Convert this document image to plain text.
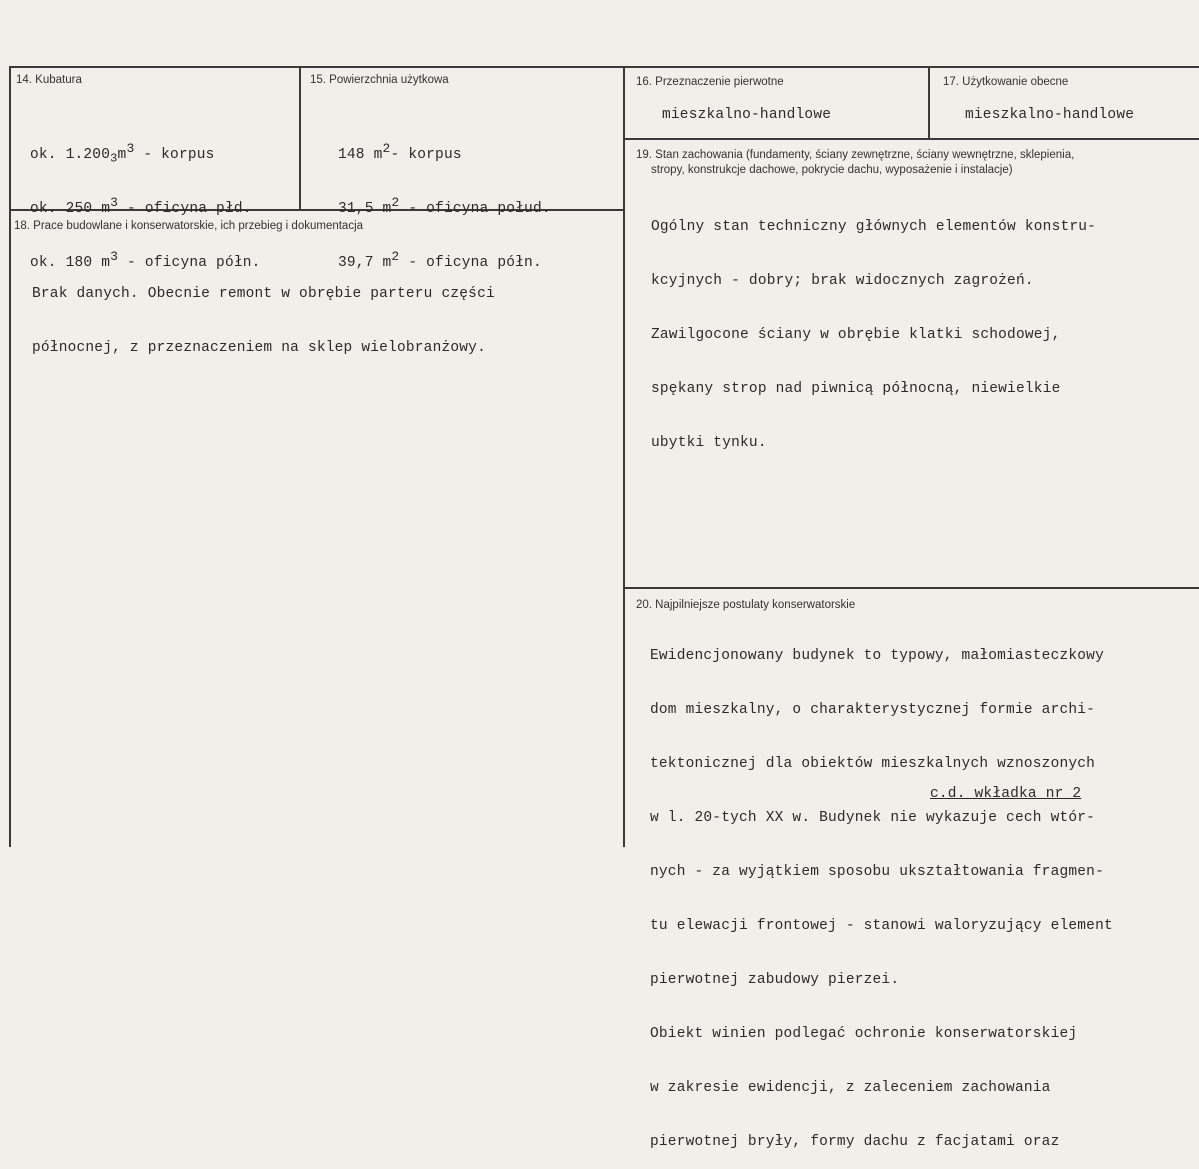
14. Kubatura

ok. $1.200_3m^3$ - korpus

ok. 250 $m^3$ - oficyna płd.

ok. 180 $m^3$ - oficyna półn.

15. Powierzchnia użytkowa

148 $m^2-$ korpus

31,5 $m^2$ - oficyna połud.

39,7 $m^2$ - oficyna półn.

16. Przeznaczenie pierwotne
mieszkalno-handlowe
17. Użytkowanie obecne
mieszkalno-handlowe
18. Prace budowlane i konserwatorskie, ich przebieg i dokumentacja

Brak danych. Obecnie remont w obrębie parteru części

północnej, z przeznaczeniem na sklep wielobranżowy.

19. Stan zachowania (fundamenty, ściany zewnętrzne, ściany wewnętrzne, sklepienia,
stropy, konstrukcje dachowe, pokrycie dachu, wyposażenie i instalacje)

Ogólny stan techniczny głównych elementów konstru-

kcyjnych - dobry; brak widocznych zagrożeń.

Zawilgocone ściany w obrębie klatki schodowej,

spękany strop nad piwnicą północną, niewielkie

ubytki tynku.

20. Najpilniejsze postulaty konserwatorskie

Ewidencjonowany budynek to typowy, małomiasteczkowy

dom mieszkalny, o charakterystycznej formie archi-

tektonicznej dla obiektów mieszkalnych wznoszonych

w l. 20-tych XX w. Budynek nie wykazuje cech wtór-

nych - za wyjątkiem sposobu ukształtowania fragmen-

tu elewacji frontowej - stanowi waloryzujący element

pierwotnej zabudowy pierzei.

Obiekt winien podlegać ochronie konserwatorskiej

w zakresie ewidencji, z zaleceniem zachowania

pierwotnej bryły, formy dachu z facjatami oraz

c.d. wkładka nr 2
